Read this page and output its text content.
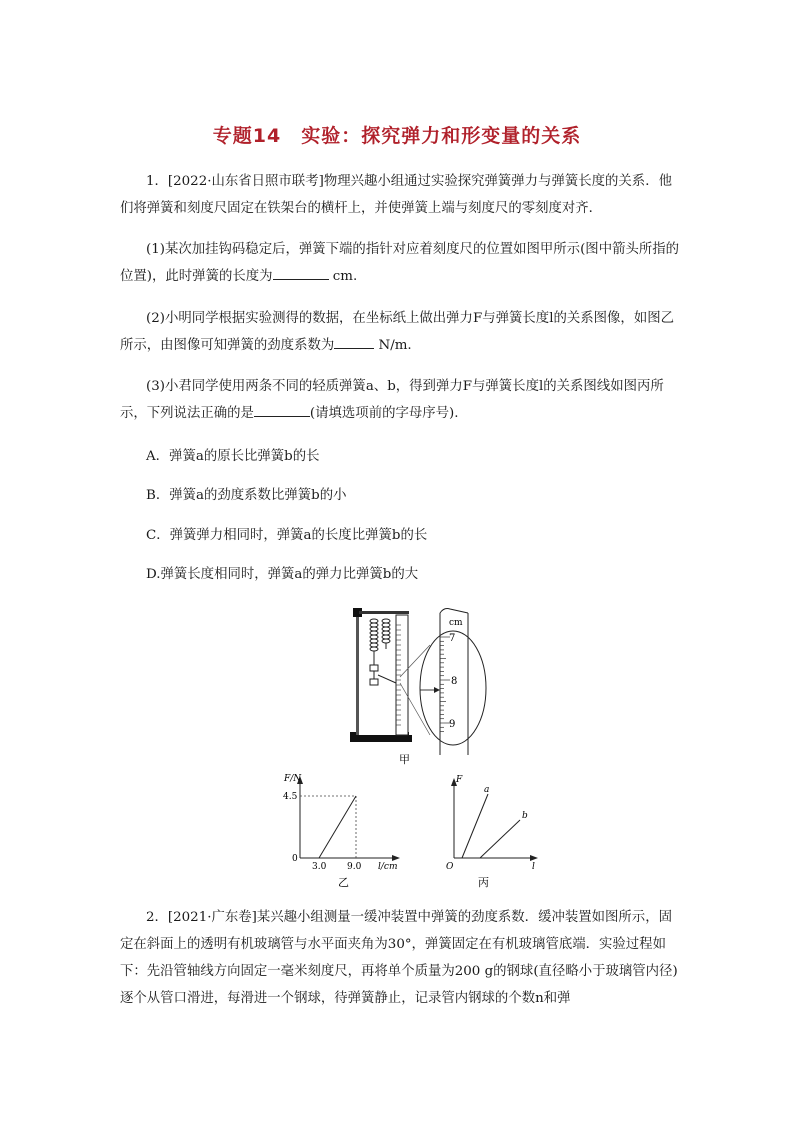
专题14　实验：探究弹力和形变量的关系

1．[2022·山东省日照市联考]物理兴趣小组通过实验探究弹簧弹力与弹簧长度的关系．他们将弹簧和刻度尺固定在铁架台的横杆上，并使弹簧上端与刻度尺的零刻度对齐．

(1)某次加挂钩码稳定后，弹簧下端的指针对应着刻度尺的位置如图甲所示(图中箭头所指的位置)，此时弹簧的长度为	cm.

(2)小明同学根据实验测得的数据，在坐标纸上做出弹力F与弹簧长度l的关系图像，如图乙所示，由图像可知弹簧的劲度系数为	N/m.

(3)小君同学使用两条不同的轻质弹簧a、b，得到弹力F与弹簧长度l的关系图线如图丙所示，下列说法正确的是	(请填选项前的字母序号).

A．弹簧a的原长比弹簧b的长
B．弹簧a的劲度系数比弹簧b的小
C．弹簧弹力相同时，弹簧a的长度比弹簧b的长
D.弹簧长度相同时，弹簧a的弹力比弹簧b的大
cm
7
8
9
甲
F/N
4.5
0
3.0 9.0 l/cm
乙
F
a
b
O	l
丙

2．[2021·广东卷]某兴趣小组测量一缓冲装置中弹簧的劲度系数．缓冲装置如图所示，固定在斜面上的透明有机玻璃管与水平面夹角为30°，弹簧固定在有机玻璃管底端．实验过程如下：先沿管轴线方向固定一毫米刻度尺，再将单个质量为200 g的钢球(直径略小于玻璃管内径)逐个从管口滑进，每滑进一个钢球，待弹簧静止，记录管内钢球的个数n和弹
